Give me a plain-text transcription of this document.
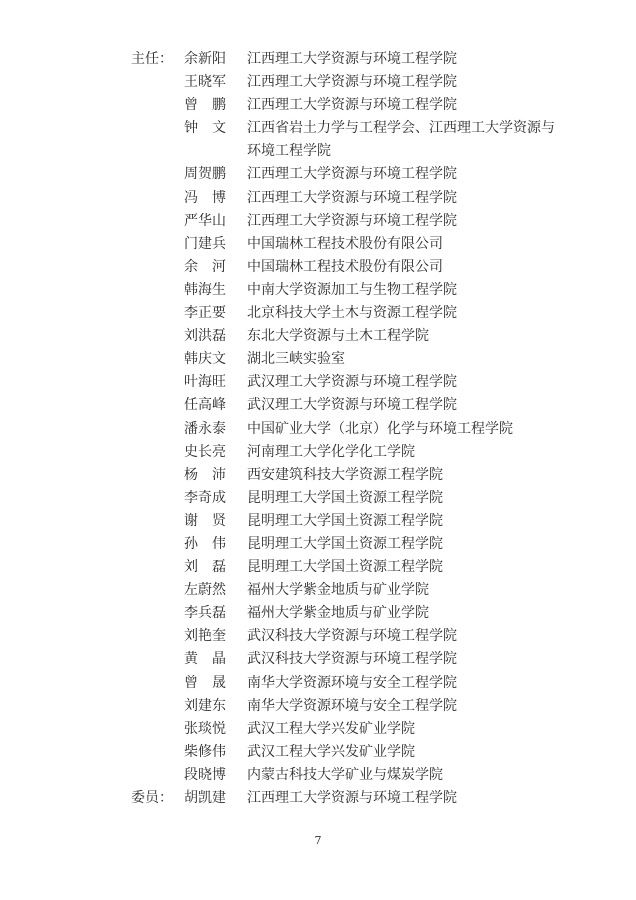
主任： 余新阳	江西理工大学资源与环境工程学院
王晓军	江西理工大学资源与环境工程学院
曾鹏 江西理工大学资源与环境工程学院
钟文 江西省岩土力学与工程学会、江西理工大学资源与
环境工程学院
周贺鹏	江西理工大学资源与环境工程学院
冯博 江西理工大学资源与环境工程学院
严华山	江西理工大学资源与环境工程学院
门建兵	中国瑞林工程技术股份有限公司
余河 中国瑞林工程技术股份有限公司
韩海生	中南大学资源加工与生物工程学院
李正要	北京科技大学土木与资源工程学院
刘洪磊	东北大学资源与土木工程学院
韩庆文	湖北三峡实验室
叶海旺	武汉理工大学资源与环境工程学院
任高峰	武汉理工大学资源与环境工程学院
潘永泰	中国矿业大学（北京）化学与环境工程学院
史长亮	河南理工大学化学化工学院
杨沛 西安建筑科技大学资源工程学院
李奇成	昆明理工大学国土资源工程学院
谢贤 昆明理工大学国土资源工程学院
孙伟 昆明理工大学国土资源工程学院
刘磊 昆明理工大学国土资源工程学院
左蔚然	福州大学紫金地质与矿业学院
李兵磊	福州大学紫金地质与矿业学院
刘艳奎	武汉科技大学资源与环境工程学院
黄晶 武汉科技大学资源与环境工程学院
曾晟 南华大学资源环境与安全工程学院
刘建东	南华大学资源环境与安全工程学院
张琰悦	武汉工程大学兴发矿业学院
柴修伟	武汉工程大学兴发矿业学院
段晓博	内蒙古科技大学矿业与煤炭学院
委员： 胡凯建	江西理工大学资源与环境工程学院
7
